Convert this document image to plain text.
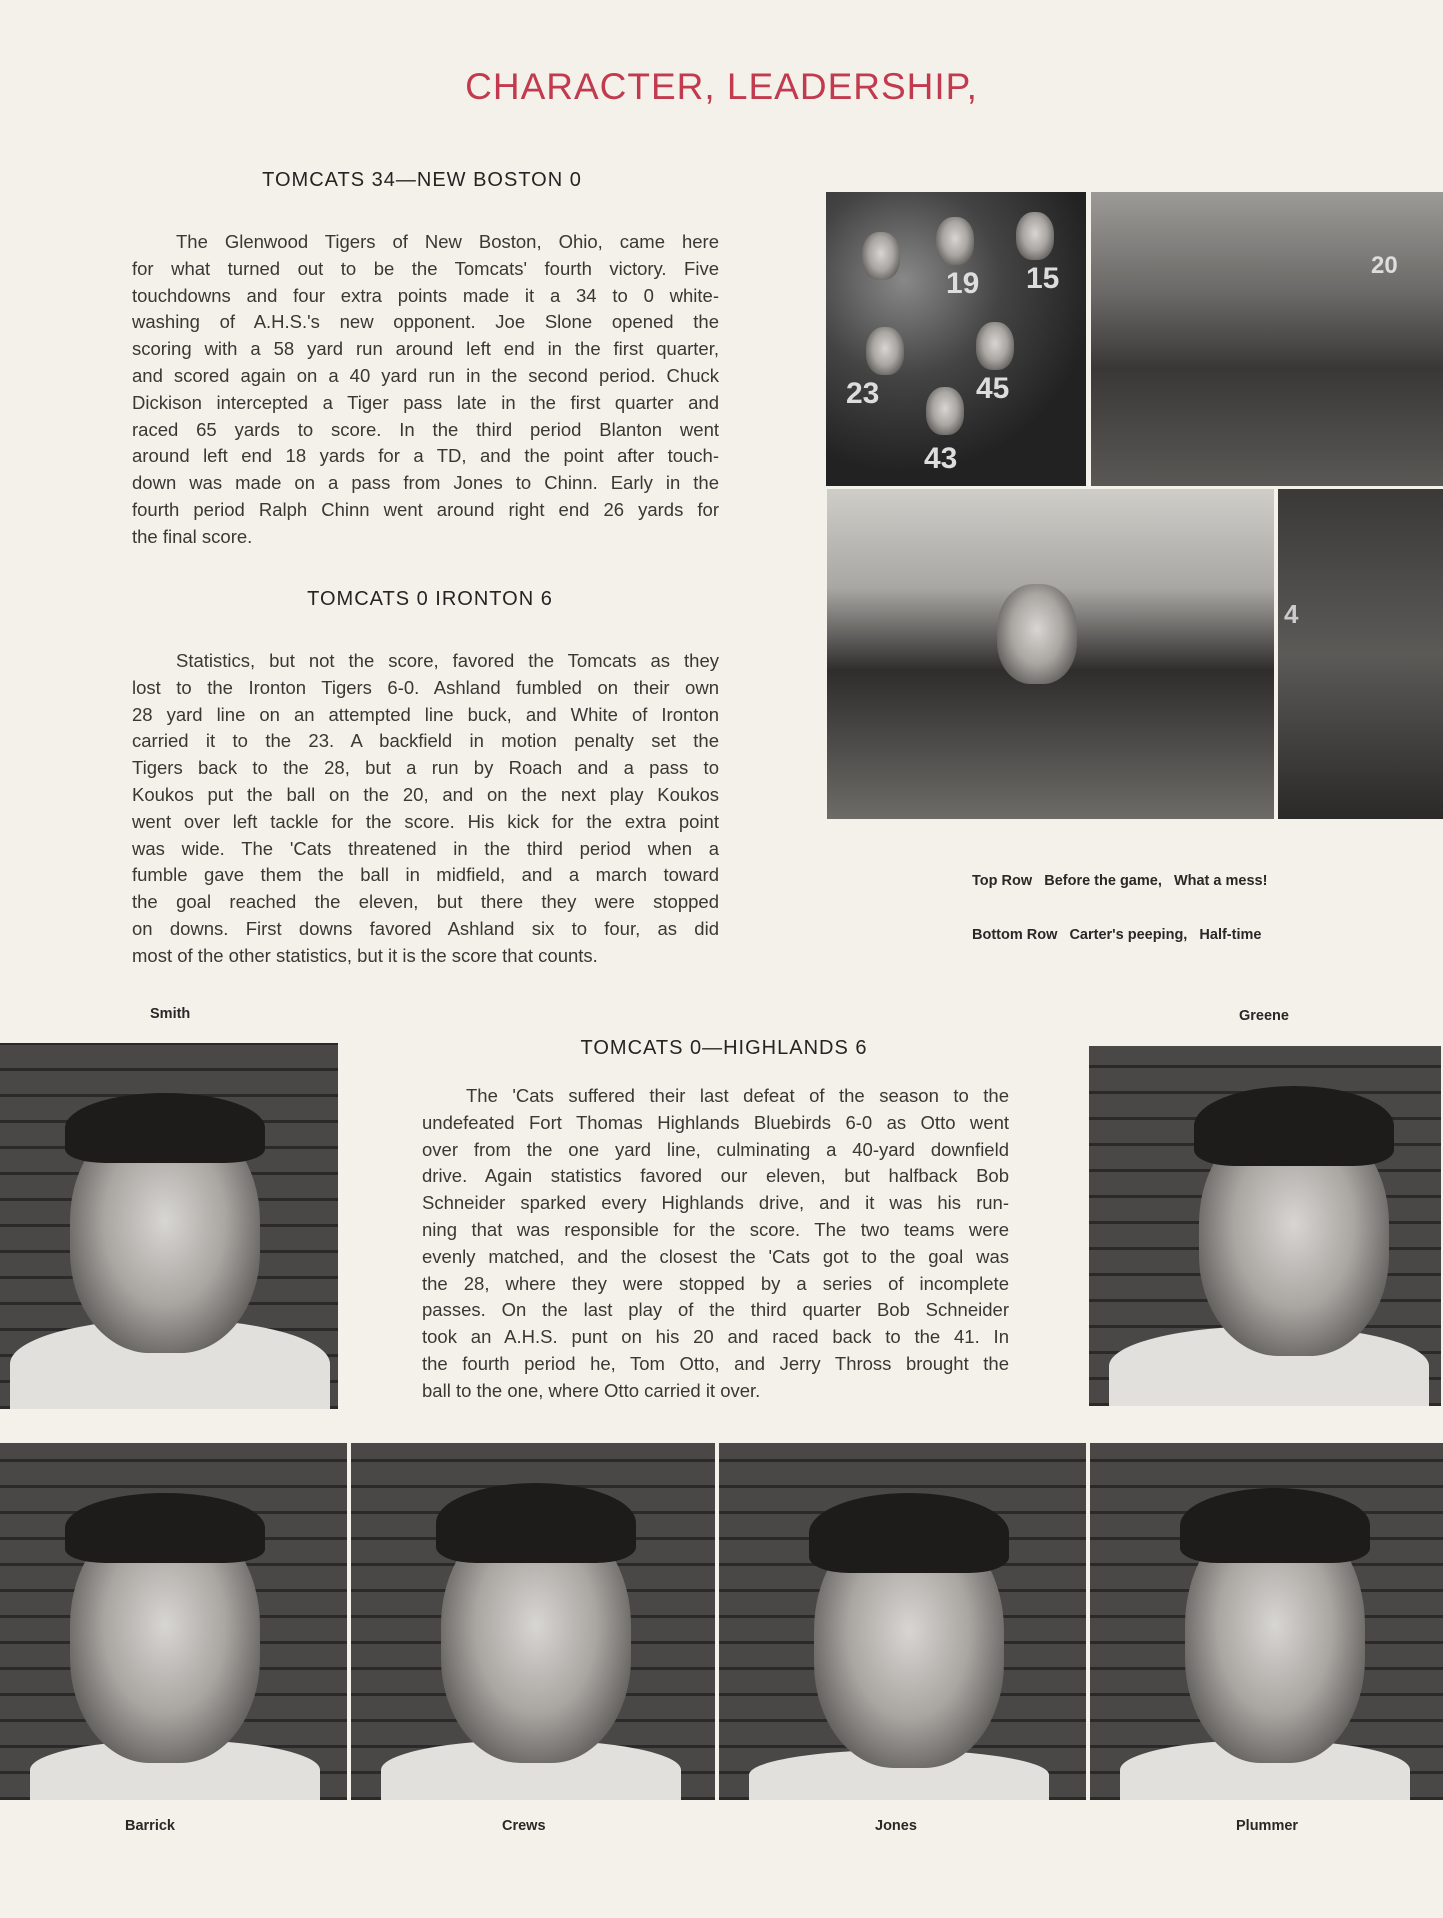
CHARACTER, LEADERSHIP,
TOMCATS 34—NEW BOSTON 0
The Glenwood Tigers of New Boston, Ohio, came here
for what turned out to be the Tomcats' fourth victory. Five
touchdowns and four extra points made it a 34 to 0 white-
washing of A.H.S.'s new opponent. Joe Slone opened the
scoring with a 58 yard run around left end in the first quarter,
and scored again on a 40 yard run in the second period. Chuck
Dickison intercepted a Tiger pass late in the first quarter and
raced 65 yards to score. In the third period Blanton went
around left end 18 yards for a TD, and the point after touch-
down was made on a pass from Jones to Chinn. Early in the
fourth period Ralph Chinn went around right end 26 yards for
the final score.
TOMCATS 0 IRONTON 6
Statistics, but not the score, favored the Tomcats as they
lost to the Ironton Tigers 6-0. Ashland fumbled on their own
28 yard line on an attempted line buck, and White of Ironton
carried it to the 23. A backfield in motion penalty set the
Tigers back to the 28, but a run by Roach and a pass to
Koukos put the ball on the 20, and on the next play Koukos
went over left tackle for the score. His kick for the extra point
was wide. The 'Cats threatened in the third period when a
fumble gave them the ball in midfield, and a march toward
the goal reached the eleven, but there they were stopped
on downs. First downs favored Ashland six to four, as did
most of the other statistics, but it is the score that counts.
TOMCATS 0—HIGHLANDS 6
The 'Cats suffered their last defeat of the season to the
undefeated Fort Thomas Highlands Bluebirds 6-0 as Otto went
over from the one yard line, culminating a 40-yard downfield
drive. Again statistics favored our eleven, but halfback Bob
Schneider sparked every Highlands drive, and it was his run-
ning that was responsible for the score. The two teams were
evenly matched, and the closest the 'Cats got to the goal was
the 28, where they were stopped by a series of incomplete
passes. On the last play of the third quarter Bob Schneider
took an A.H.S. punt on his 20 and raced back to the 41. In
the fourth period he, Tom Otto, and Jerry Thross brought the
ball to the one, where Otto carried it over.
19 15
23	45
43
20
4

Top Row   Before the game,   What a mess!

Bottom Row   Carter's peeping,   Half-time

Smith	Greene
Barrick	Crews	Jones	Plummer
